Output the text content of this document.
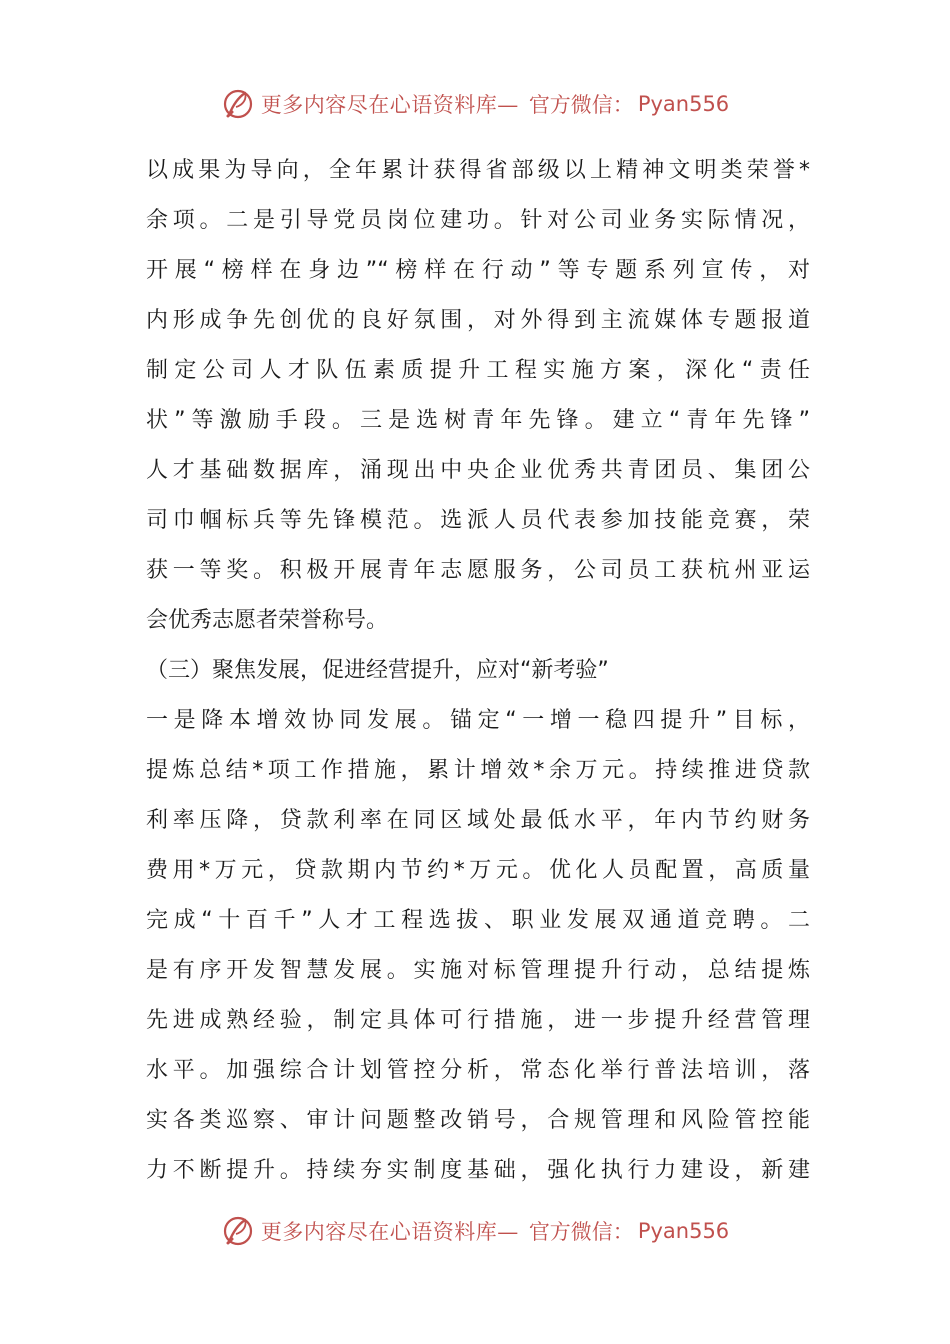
更多内容尽在心语资料库— 官方微信： Pyan556
以成果为导向，全年累计获得省部级以上精神文明类荣誉*
余项。二是引导党员岗位建功。针对公司业务实际情况，
开展“榜样在身边”“榜样在行动”等专题系列宣传，对
内形成争先创优的良好氛围，对外得到主流媒体专题报道
制定公司人才队伍素质提升工程实施方案，深化“责任
状”等激励手段。三是选树青年先锋。建立“青年先锋”
人才基础数据库，涌现出中央企业优秀共青团员、集团公
司巾帼标兵等先锋模范。选派人员代表参加技能竞赛，荣
获一等奖。积极开展青年志愿服务，公司员工获杭州亚运
会优秀志愿者荣誉称号。
（三）聚焦发展，促进经营提升，应对“新考验”
一是降本增效协同发展。锚定“一增一稳四提升”目标，
提炼总结*项工作措施，累计增效*余万元。持续推进贷款
利率压降，贷款利率在同区域处最低水平，年内节约财务
费用*万元，贷款期内节约*万元。优化人员配置，高质量
完成“十百千”人才工程选拔、职业发展双通道竞聘。二
是有序开发智慧发展。实施对标管理提升行动，总结提炼
先进成熟经验，制定具体可行措施，进一步提升经营管理
水平。加强综合计划管控分析，常态化举行普法培训，落
实各类巡察、审计问题整改销号，合规管理和风险管控能
力不断提升。持续夯实制度基础，强化执行力建设，新建
更多内容尽在心语资料库— 官方微信： Pyan556
